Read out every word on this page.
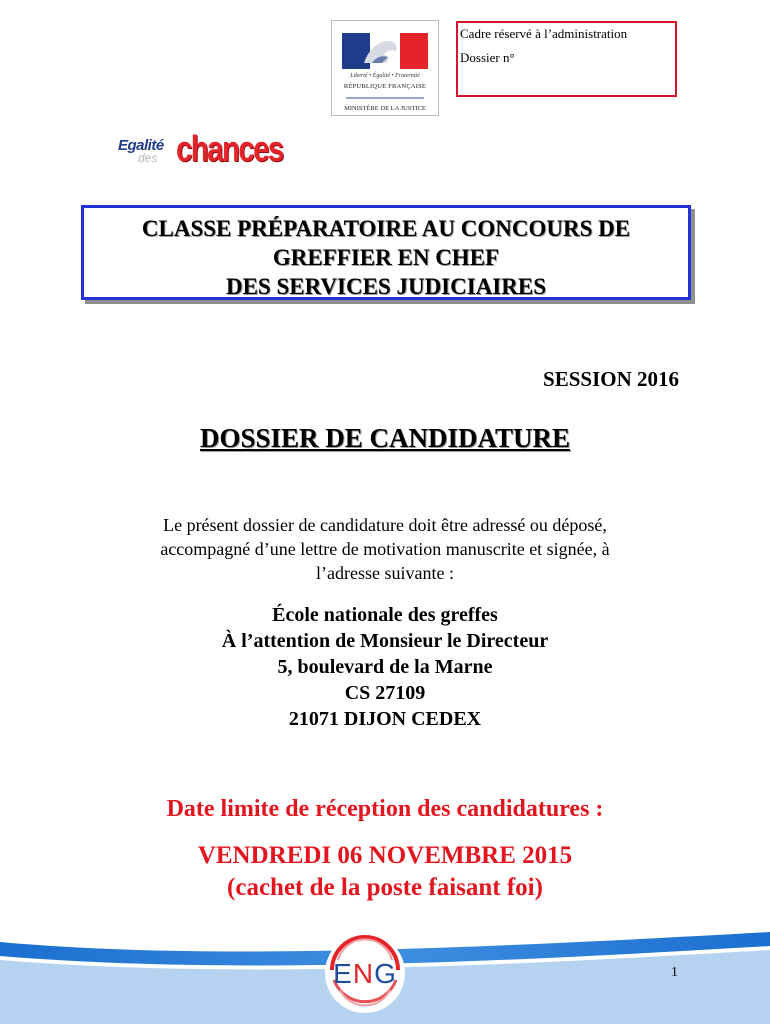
Liberté • Égalité • Fraternité
RÉPUBLIQUE FRANÇAISE
MINISTÈRE DE LA JUSTICE
Cadre réservé à l’administration
Dossier n°
Egalité
des chances
CLASSE PRÉPARATOIRE AU CONCOURS DE
GREFFIER EN CHEF
DES SERVICES JUDICIAIRES
SESSION 2016
DOSSIER DE CANDIDATURE
Le présent dossier de candidature doit être adressé ou déposé,
accompagné d’une lettre de motivation manuscrite et signée, à
l’adresse suivante :
École nationale des greffes
À l’attention de Monsieur le Directeur
5, boulevard de la Marne
CS 27109
21071 DIJON CEDEX
Date limite de réception des candidatures :
VENDREDI 06 NOVEMBRE 2015
(cachet de la poste faisant foi)
ENG	1
